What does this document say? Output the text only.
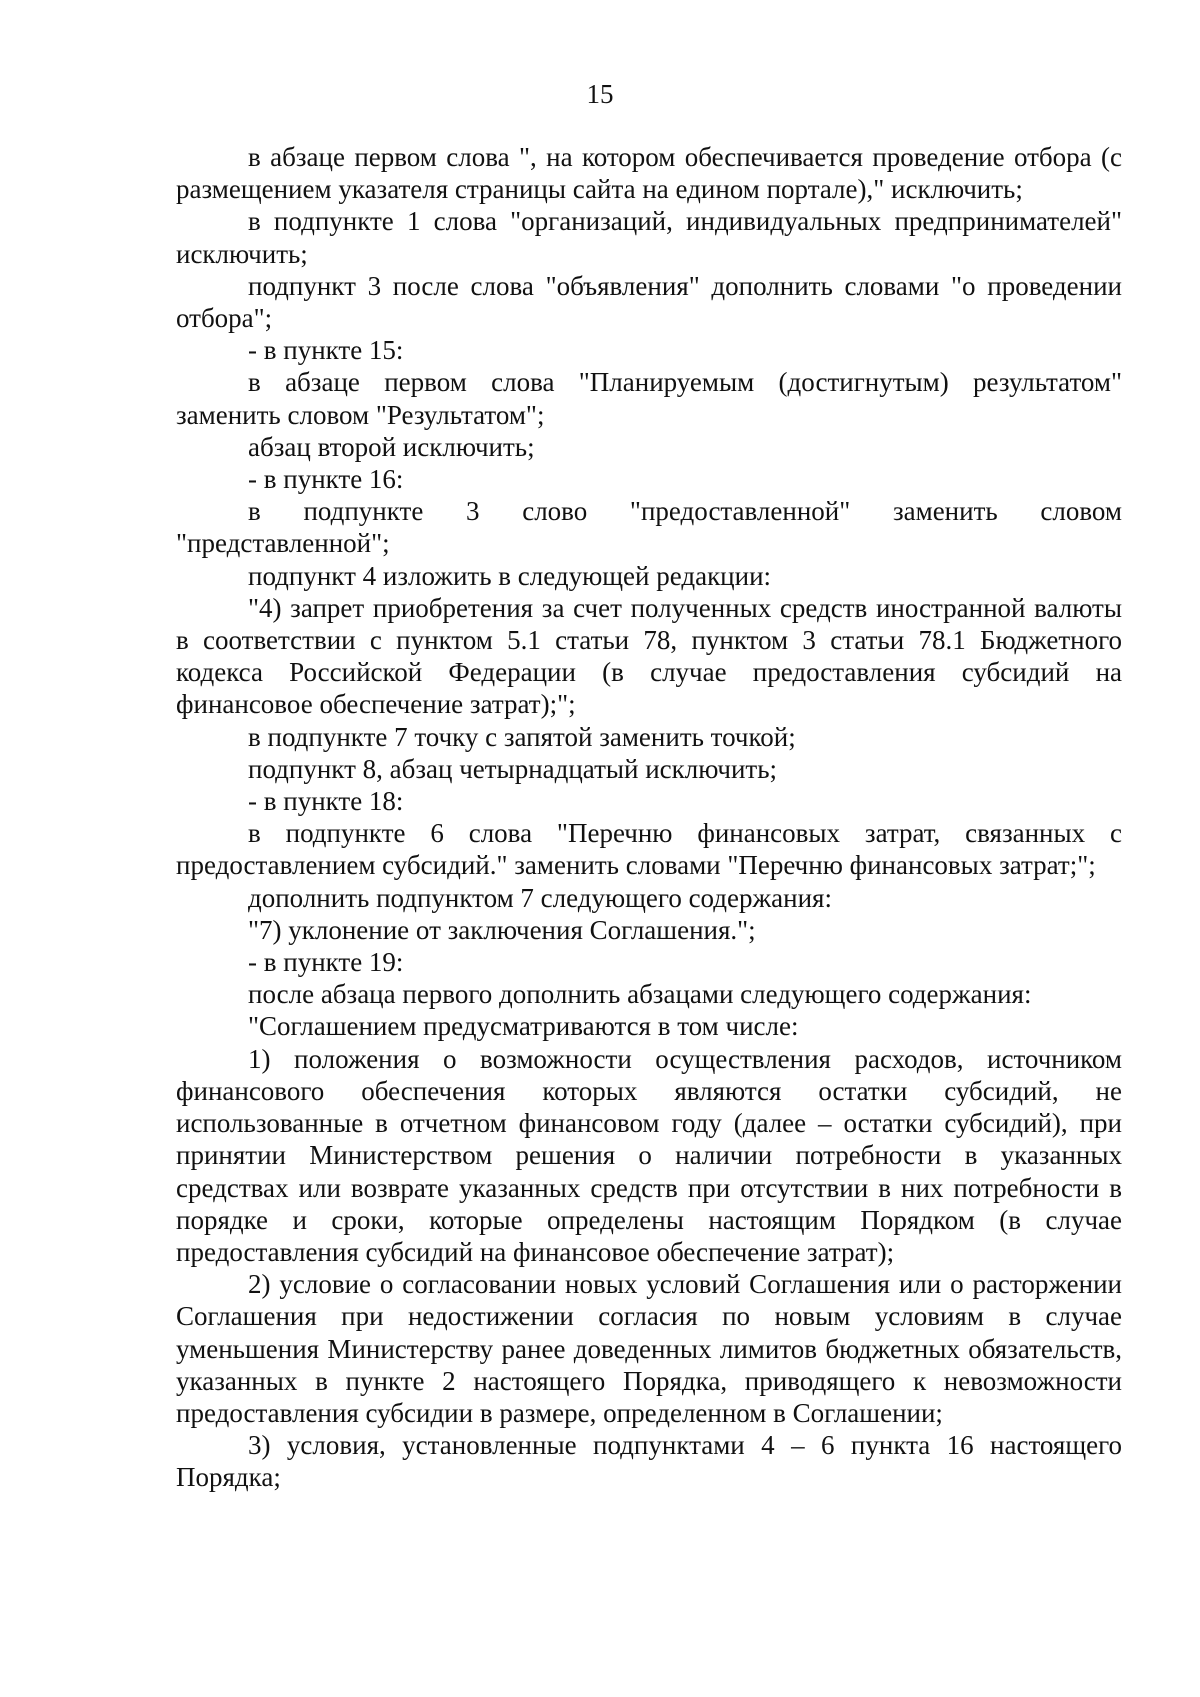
15

в абзаце первом слова ", на котором обеспечивается проведение отбора (с размещением указателя страницы сайта на едином портале)," исключить;

в подпункте 1 слова "организаций, индивидуальных предпринимателей" исключить;

подпункт 3 после слова "объявления" дополнить словами "о проведении отбора";

- в пункте 15:

в абзаце первом слова "Планируемым (достигнутым) результатом" заменить словом "Результатом";

абзац второй исключить;

- в пункте 16:

в подпункте 3 слово "предоставленной" заменить словом "представленной";

подпункт 4 изложить в следующей редакции:

"4) запрет приобретения за счет полученных средств иностранной валюты в соответствии с пунктом 5.1 статьи 78, пунктом 3 статьи 78.1 Бюджетного кодекса Российской Федерации (в случае предоставления субсидий на финансовое обеспечение затрат);";

в подпункте 7 точку с запятой заменить точкой;

подпункт 8, абзац четырнадцатый исключить;

- в пункте 18:

в подпункте 6 слова "Перечню финансовых затрат, связанных с предоставлением субсидий." заменить словами "Перечню финансовых затрат;";

дополнить подпунктом 7 следующего содержания:

"7) уклонение от заключения Соглашения.";

- в пункте 19:

после абзаца первого дополнить абзацами следующего содержания:

"Соглашением предусматриваются в том числе:

1) положения о возможности осуществления расходов, источником финансового обеспечения которых являются остатки субсидий, не использованные в отчетном финансовом году (далее – остатки субсидий), при принятии Министерством решения о наличии потребности в указанных средствах или возврате указанных средств при отсутствии в них потребности в порядке и сроки, которые определены настоящим Порядком (в случае предоставления субсидий на финансовое обеспечение затрат);

2) условие о согласовании новых условий Соглашения или о расторжении Соглашения при недостижении согласия по новым условиям в случае уменьшения Министерству ранее доведенных лимитов бюджетных обязательств, указанных в пункте 2 настоящего Порядка, приводящего к невозможности предоставления субсидии в размере, определенном в Соглашении;

3) условия, установленные подпунктами 4 – 6 пункта 16 настоящего Порядка;
